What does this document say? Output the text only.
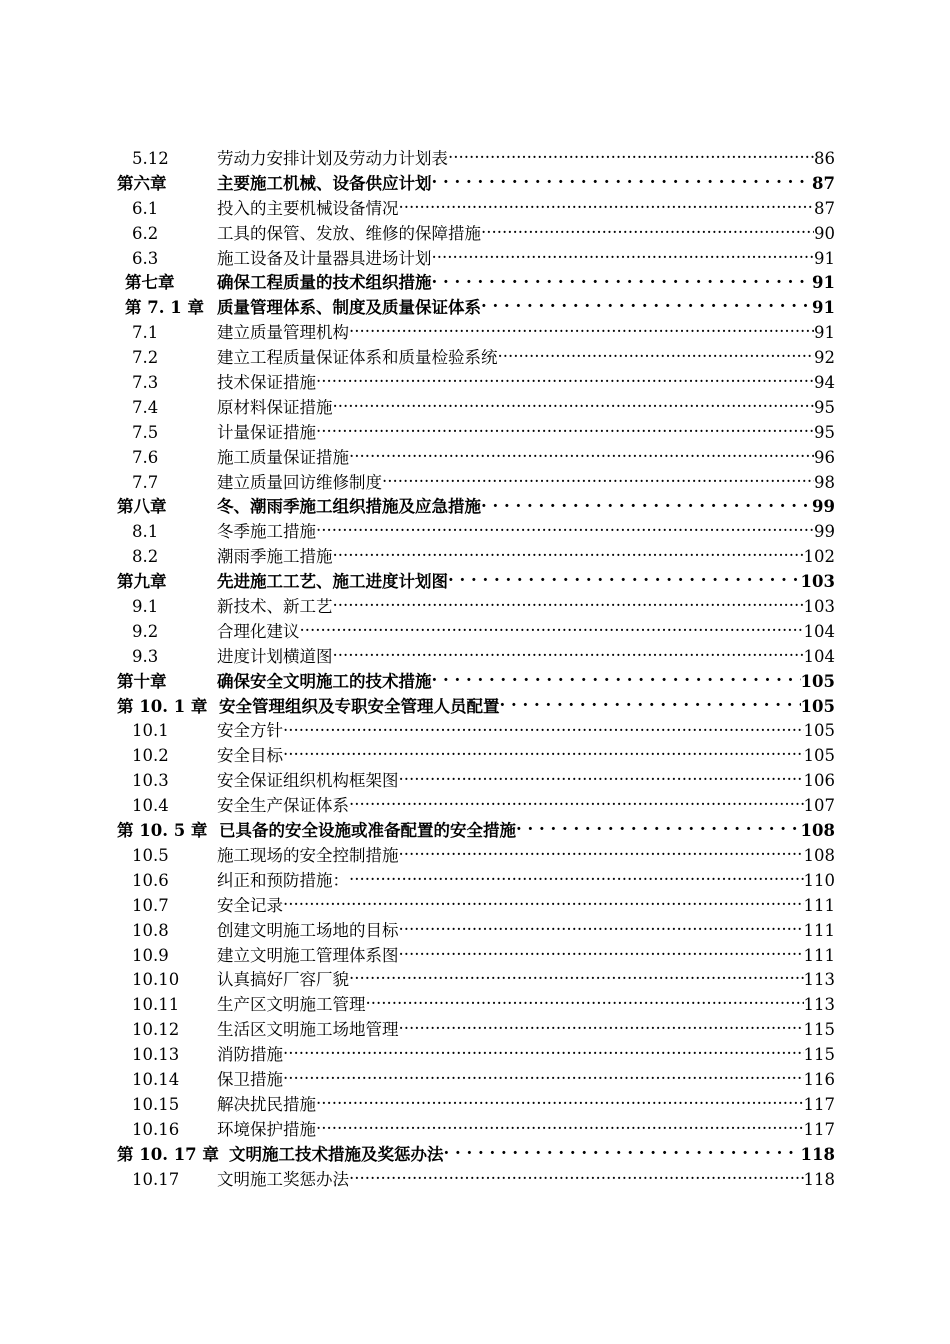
5.12	劳动力安排计划及劳动力计划表 .....	86
第六章	主要施工机械、设备供应计划 . . .	87
6.1	投入的主要机械设备情况 .....	87
6.2	工具的保管、发放、维修的保障措施 .....	90
6.3	施工设备及计量器具进场计划 .....	91
第七章	确保工程质量的技术组织措施 . . .	91
第 7. 1 章 质量管理体系、制度及质量保证体系 . . .	91
7.1	建立质量管理机构 .....	91
7.2	建立工程质量保证体系和质量检验系统 .....	92
7.3	技术保证措施 .....	94
7.4	原材料保证措施 .....	95
7.5	计量保证措施 .....	95
7.6	施工质量保证措施 .....	96
7.7	建立质量回访维修制度 .....	98
第八章	冬、潮雨季施工组织措施及应急措施 . . .	99
8.1	冬季施工措施 .....	99
8.2	潮雨季施工措施 .....	102
第九章	先进施工工艺、施工进度计划图 . . .	103
9.1	新技术、新工艺 .....	103
9.2	合理化建议 .....	104
9.3	进度计划横道图 .....	104
第十章	确保安全文明施工的技术措施 . . .	105
第 10. 1 章 安全管理组织及专职安全管理人员配置 . . .	105
10.1	安全方针 .....	105
10.2	安全目标 .....	105
10.3	安全保证组织机构框架图 .....	106
10.4	安全生产保证体系 .....	107
第 10. 5 章 已具备的安全设施或准备配置的安全措施 . . .	108
10.5	施工现场的安全控制措施 .....	108
10.6	纠正和预防措施： .....	110
10.7	安全记录 .....	111
10.8	创建文明施工场地的目标 .....	111
10.9	建立文明施工管理体系图 .....	111
10.10 认真搞好厂容厂貌 .....	113
10.11 生产区文明施工管理 .....	113
10.12 生活区文明施工场地管理 .....	115
10.13 消防措施 .....	115
10.14 保卫措施 .....	116
10.15 解决扰民措施 .....	117
10.16 环境保护措施 .....	117
第 10. 17 章 文明施工技术措施及奖惩办法 . . .	118
10.17 文明施工奖惩办法 .....	118
